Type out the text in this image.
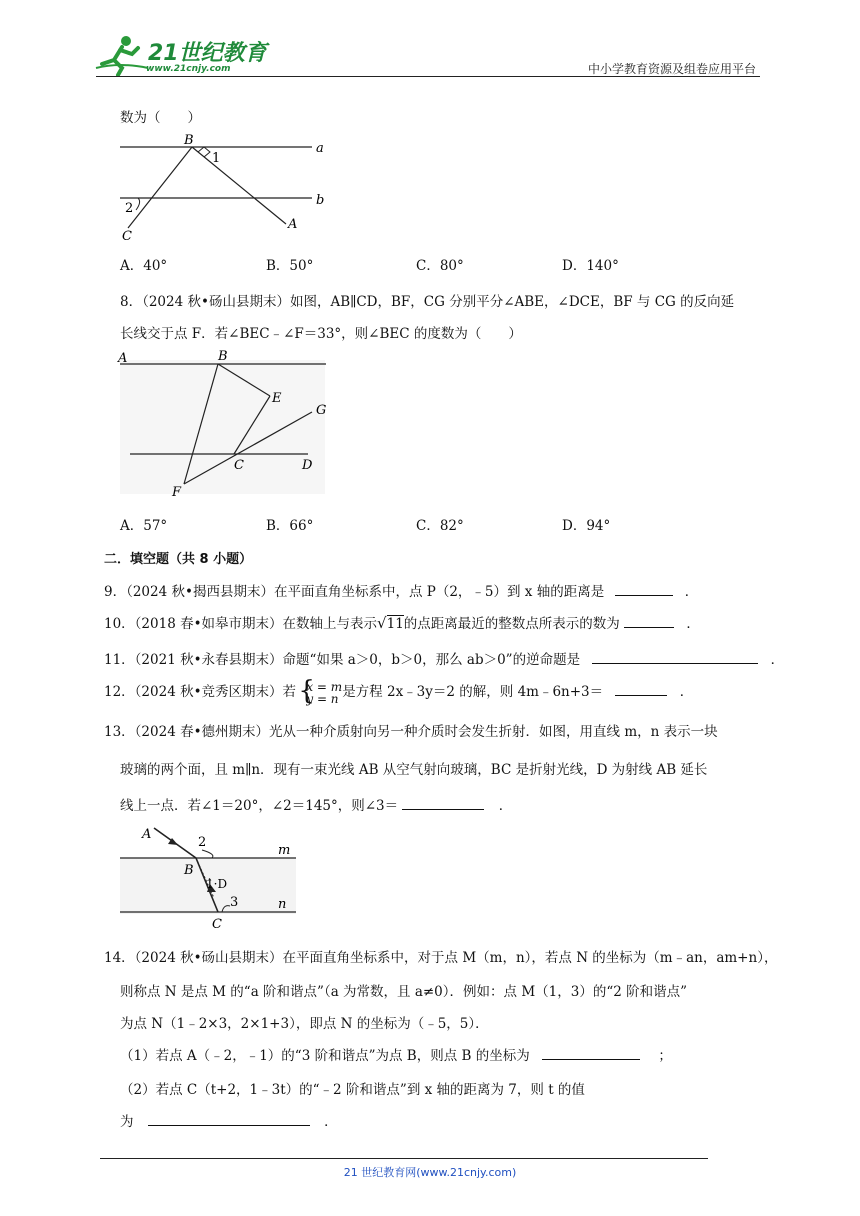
21世纪教育
www.21cnjy.com	中小学教育资源及组卷应用平台
数为（　　）
B
1
a
b
2
C
A
A．40°	B．50°	C．80°	D．140°
8．（2024 秋•砀山县期末）如图，AB∥CD，BF，CG 分别平分∠ABE，∠DCE，BF 与 CG 的反向延
长线交于点 F．若∠BEC﹣∠F＝33°，则∠BEC 的度数为（　　）
A	B
E
G
C	D
F
A．57°	B．66°	C．82°	D．94°
二．填空题（共 8 小题）
9．（2024 秋•揭西县期末）在平面直角坐标系中，点 P（2，﹣5）到 x 轴的距离是	．
10．（2018 春•如皋市期末）在数轴上与表示√11的点距离最近的整数点所表示的数为	．
11．（2021 秋•永春县期末）命题“如果 a＞0，b＞0，那么 ab＞0”的逆命题是	．
12．（2024 秋•竞秀区期末）若
{ x = m
y = n 是方程 2x﹣3y＝2 的解，则 4m﹣6n+3＝	．
13．（2024 春•德州期末）光从一种介质射向另一种介质时会发生折射．如图，用直线 m，n 表示一块
玻璃的两个面，且 m∥n．现有一束光线 AB 从空气射向玻璃，BC 是折射光线，D 为射线 AB 延长
线上一点．若∠1＝20°，∠2＝145°，则∠3＝	．
A
2
m
B
1̀·D
3	n
C
14．（2024 秋•砀山县期末）在平面直角坐标系中，对于点 M（m，n），若点 N 的坐标为（m﹣an，am+n），
则称点 N 是点 M 的“a 阶和谐点”（a 为常数，且 a≠0）．例如：点 M（1，3）的“2 阶和谐点”
为点 N（1﹣2×3，2×1+3），即点 N 的坐标为（﹣5，5）．
（1）若点 A（﹣2，﹣1）的“3 阶和谐点”为点 B，则点 B 的坐标为	；
（2）若点 C（t+2，1﹣3t）的“﹣2 阶和谐点”到 x 轴的距离为 7，则 t 的值
为	．
21 世纪教育网(www.21cnjy.com)
